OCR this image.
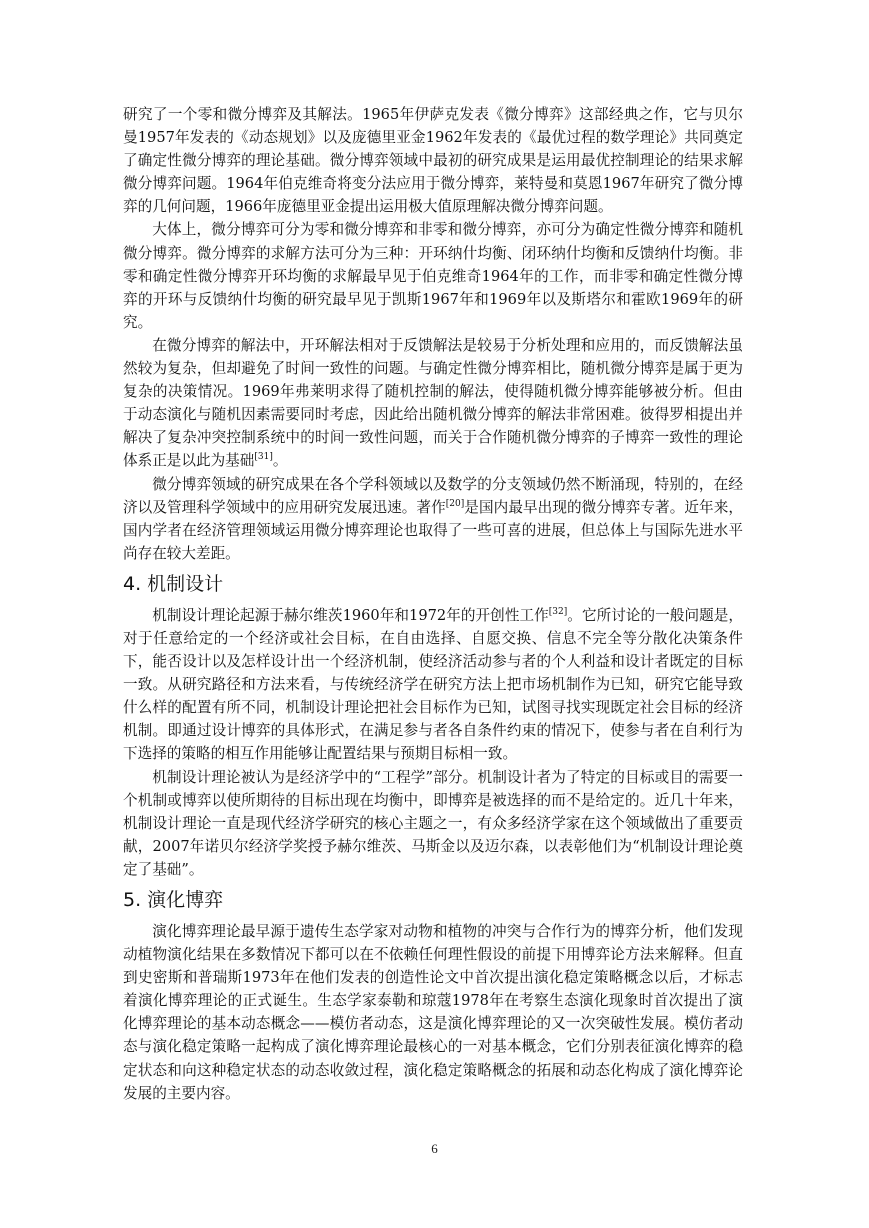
研究了一个零和微分博弈及其解法。1965年伊萨克发表《微分博弈》这部经典之作，它与贝尔曼1957年发表的《动态规划》以及庞德里亚金1962年发表的《最优过程的数学理论》共同奠定了确定性微分博弈的理论基础。微分博弈领域中最初的研究成果是运用最优控制理论的结果求解微分博弈问题。1964年伯克维奇将变分法应用于微分博弈，莱特曼和莫恩1967年研究了微分博弈的几何问题，1966年庞德里亚金提出运用极大值原理解决微分博弈问题。

大体上，微分博弈可分为零和微分博弈和非零和微分博弈，亦可分为确定性微分博弈和随机微分博弈。微分博弈的求解方法可分为三种：开环纳什均衡、闭环纳什均衡和反馈纳什均衡。非零和确定性微分博弈开环均衡的求解最早见于伯克维奇1964年的工作，而非零和确定性微分博弈的开环与反馈纳什均衡的研究最早见于凯斯1967年和1969年以及斯塔尔和霍欧1969年的研究。

在微分博弈的解法中，开环解法相对于反馈解法是较易于分析处理和应用的，而反馈解法虽然较为复杂，但却避免了时间一致性的问题。与确定性微分博弈相比，随机微分博弈是属于更为复杂的决策情况。1969年弗莱明求得了随机控制的解法，使得随机微分博弈能够被分析。但由于动态演化与随机因素需要同时考虑，因此给出随机微分博弈的解法非常困难。彼得罗相提出并解决了复杂冲突控制系统中的时间一致性问题，而关于合作随机微分博弈的子博弈一致性的理论体系正是以此为基础[31]。

微分博弈领域的研究成果在各个学科领域以及数学的分支领域仍然不断涌现，特别的，在经济以及管理科学领域中的应用研究发展迅速。著作[20]是国内最早出现的微分博弈专著。近年来，国内学者在经济管理领域运用微分博弈理论也取得了一些可喜的进展，但总体上与国际先进水平尚存在较大差距。

4. 机制设计

机制设计理论起源于赫尔维茨1960年和1972年的开创性工作[32]。它所讨论的一般问题是，对于任意给定的一个经济或社会目标，在自由选择、自愿交换、信息不完全等分散化决策条件下，能否设计以及怎样设计出一个经济机制，使经济活动参与者的个人利益和设计者既定的目标一致。从研究路径和方法来看，与传统经济学在研究方法上把市场机制作为已知，研究它能导致什么样的配置有所不同，机制设计理论把社会目标作为已知，试图寻找实现既定社会目标的经济机制。即通过设计博弈的具体形式，在满足参与者各自条件约束的情况下，使参与者在自利行为下选择的策略的相互作用能够让配置结果与预期目标相一致。

机制设计理论被认为是经济学中的“工程学”部分。机制设计者为了特定的目标或目的需要一个机制或博弈以使所期待的目标出现在均衡中，即博弈是被选择的而不是给定的。近几十年来，机制设计理论一直是现代经济学研究的核心主题之一，有众多经济学家在这个领域做出了重要贡献，2007年诺贝尔经济学奖授予赫尔维茨、马斯金以及迈尔森，以表彰他们为“机制设计理论奠定了基础”。

5. 演化博弈

演化博弈理论最早源于遗传生态学家对动物和植物的冲突与合作行为的博弈分析，他们发现动植物演化结果在多数情况下都可以在不依赖任何理性假设的前提下用博弈论方法来解释。但直到史密斯和普瑞斯1973年在他们发表的创造性论文中首次提出演化稳定策略概念以后，才标志着演化博弈理论的正式诞生。生态学家泰勒和琼蔻1978年在考察生态演化现象时首次提出了演化博弈理论的基本动态概念——模仿者动态，这是演化博弈理论的又一次突破性发展。模仿者动态与演化稳定策略一起构成了演化博弈理论最核心的一对基本概念，它们分别表征演化博弈的稳定状态和向这种稳定状态的动态收敛过程，演化稳定策略概念的拓展和动态化构成了演化博弈论发展的主要内容。

6
